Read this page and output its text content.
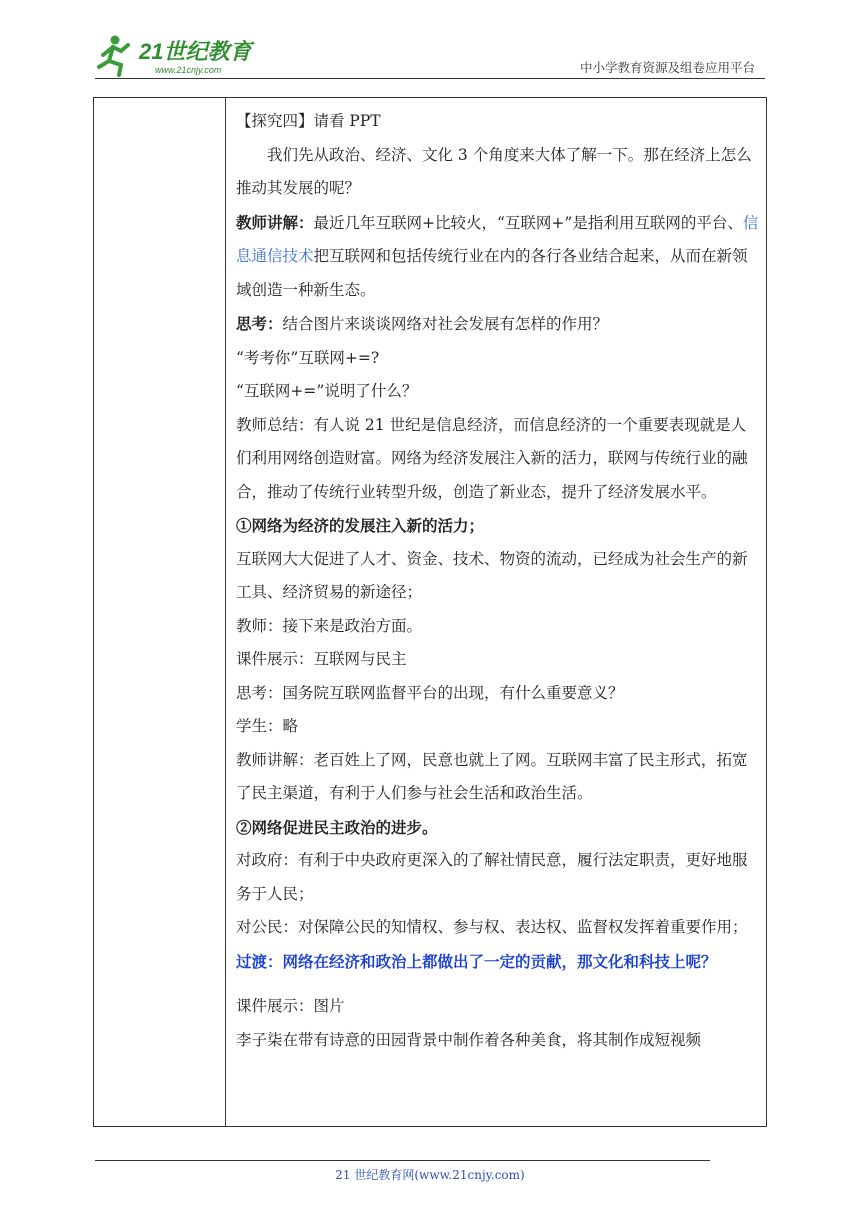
21世纪教育
www.21cnjy.com	中小学教育资源及组卷应用平台

【探究四】请看 PPT

我们先从政治、经济、文化 3 个角度来大体了解一下。那在经济上怎么推动其发展的呢？

教师讲解：最近几年互联网+比较火，“互联网+”是指利用互联网的平台、信息通信技术把互联网和包括传统行业在内的各行各业结合起来，从而在新领域创造一种新生态。

思考：结合图片来谈谈网络对社会发展有怎样的作用？

“考考你”互联网+=?

“互联网+=”说明了什么？

教师总结：有人说 21 世纪是信息经济，而信息经济的一个重要表现就是人们利用网络创造财富。网络为经济发展注入新的活力，联网与传统行业的融合，推动了传统行业转型升级，创造了新业态，提升了经济发展水平。

①网络为经济的发展注入新的活力；

互联网大大促进了人才、资金、技术、物资的流动，已经成为社会生产的新工具、经济贸易的新途径；

教师：接下来是政治方面。

课件展示：互联网与民主

思考：国务院互联网监督平台的出现，有什么重要意义？

学生：略

教师讲解：老百姓上了网，民意也就上了网。互联网丰富了民主形式，拓宽了民主渠道，有利于人们参与社会生活和政治生活。

②网络促进民主政治的进步。

对政府：有利于中央政府更深入的了解社情民意，履行法定职责，更好地服务于人民；

对公民：对保障公民的知情权、参与权、表达权、监督权发挥着重要作用；

过渡：网络在经济和政治上都做出了一定的贡献，那文化和科技上呢？

课件展示：图片

李子柒在带有诗意的田园背景中制作着各种美食，将其制作成短视频

21 世纪教育网(www.21cnjy.com)
